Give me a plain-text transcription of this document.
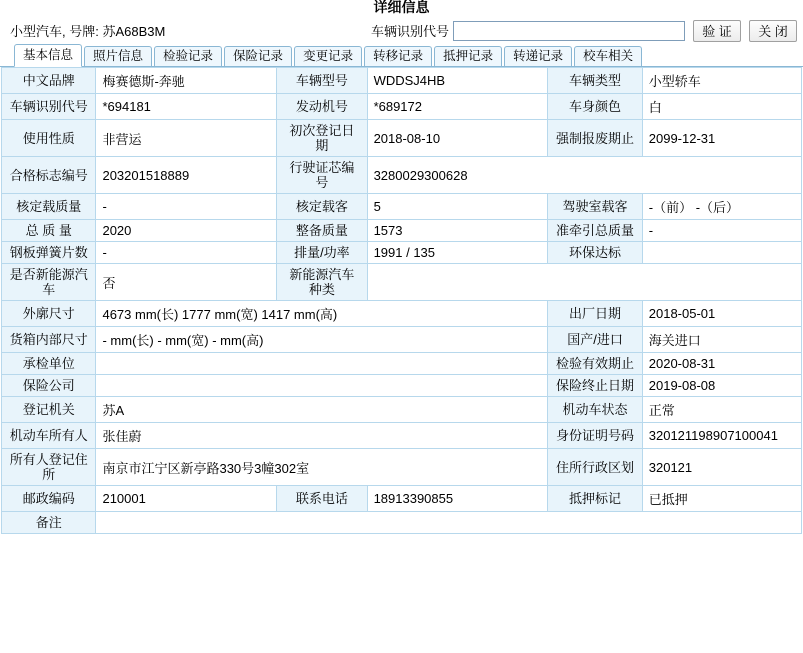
详细信息
小型汽车, 号牌: 苏A68B3M	车辆识别代号	验 证	关 闭
基本信息	照片信息	检验记录	保险记录	变更记录	转移记录	抵押记录	转递记录	校车相关
中文品牌	梅赛德斯-奔驰	车辆型号	WDDSJ4HB	车辆类型	小型轿车
车辆识别代号	*694181	发动机号	*689172	车身颜色	白
使用性质	非营运	初次登记日期	2018-08-10	强制报废期止	2099-12-31
合格标志编号	203201518889	行驶证芯编号	3280029300628		
核定载质量	-	核定载客	5	驾驶室载客	-（前） -（后）
总 质 量	2020	整备质量	1573	准牵引总质量	-
钢板弹簧片数	-	排量/功率	1991 / 135	环保达标	
是否新能源汽车	否	新能源汽车种类			
外廓尺寸	4673 mm(长) 1777 mm(宽) 1417 mm(高)			出厂日期	2018-05-01
货箱内部尺寸	- mm(长) - mm(宽) - mm(高)			国产/进口	海关进口
承检单位				检验有效期止	2020-08-31
保险公司				保险终止日期	2019-08-08
登记机关	苏A			机动车状态	正常
机动车所有人	张佳蔚			身份证明号码	320121198907100041
所有人登记住所	南京市江宁区新亭路330号3幢302室			住所行政区划	320121
邮政编码	210001	联系电话	18913390855	抵押标记	已抵押
备注					
